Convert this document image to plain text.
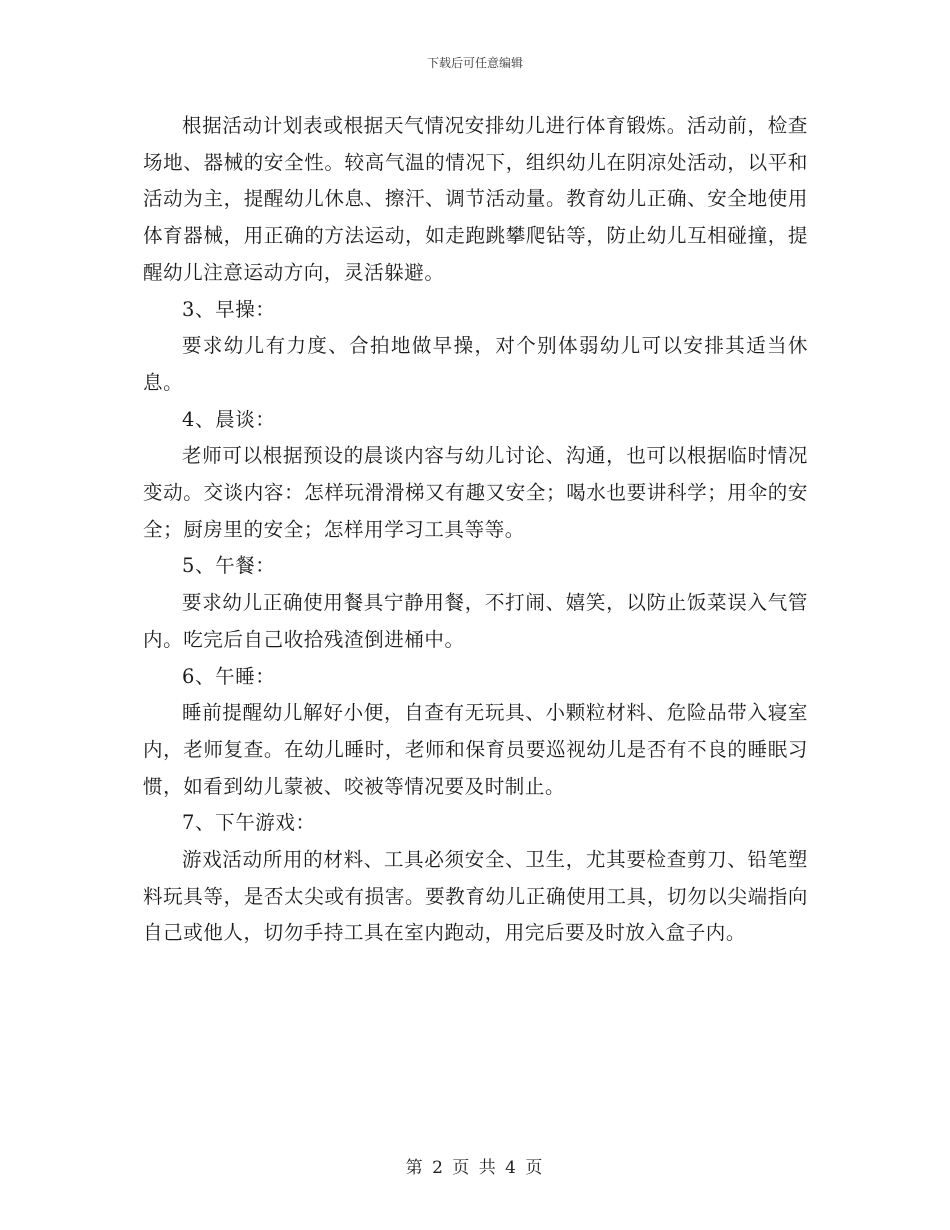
下载后可任意编辑

根据活动计划表或根据天气情况安排幼儿进行体育锻炼。活动前，检查场地、器械的安全性。较高气温的情况下，组织幼儿在阴凉处活动，以平和活动为主，提醒幼儿休息、擦汗、调节活动量。教育幼儿正确、安全地使用体育器械，用正确的方法运动，如走跑跳攀爬钻等，防止幼儿互相碰撞，提醒幼儿注意运动方向，灵活躲避。

3、早操：

要求幼儿有力度、合拍地做早操，对个别体弱幼儿可以安排其适当休息。

4、晨谈：

老师可以根据预设的晨谈内容与幼儿讨论、沟通，也可以根据临时情况变动。交谈内容：怎样玩滑滑梯又有趣又安全；喝水也要讲科学；用伞的安全；厨房里的安全；怎样用学习工具等等。

5、午餐：

要求幼儿正确使用餐具宁静用餐，不打闹、嬉笑，以防止饭菜误入气管内。吃完后自己收拾残渣倒进桶中。

6、午睡：

睡前提醒幼儿解好小便，自查有无玩具、小颗粒材料、危险品带入寝室内，老师复查。在幼儿睡时，老师和保育员要巡视幼儿是否有不良的睡眠习惯，如看到幼儿蒙被、咬被等情况要及时制止。

7、下午游戏：

游戏活动所用的材料、工具必须安全、卫生，尤其要检查剪刀、铅笔塑料玩具等，是否太尖或有损害。要教育幼儿正确使用工具，切勿以尖端指向自己或他人，切勿手持工具在室内跑动，用完后要及时放入盒子内。

第 2 页 共 4 页
